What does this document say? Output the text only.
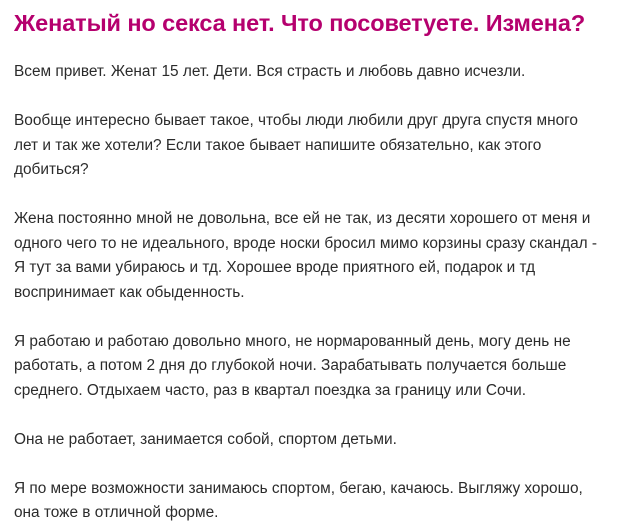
Женатый но секса нет. Что посоветуете. Измена?

Всем привет. Женат 15 лет. Дети. Вся страсть и любовь давно исчезли.

Вообще интересно бывает такое, чтобы люди любили друг друга спустя много
лет и так же хотели? Если такое бывает напишите обязательно, как этого
добиться?

Жена постоянно мной не довольна, все ей не так, из десяти хорошего от меня и
одного чего то не идеального, вроде носки бросил мимо корзины сразу скандал -
Я тут за вами убираюсь и тд. Хорошее вроде приятного ей, подарок и тд
воспринимает как обыденность.

Я работаю и работаю довольно много, не нормарованный день, могу день не
работать, а потом 2 дня до глубокой ночи. Зарабатывать получается больше
среднего. Отдыхаем часто, раз в квартал поездка за границу или Сочи.

Она не работает, занимается собой, спортом детьми.

Я по мере возможности занимаюсь спортом, бегаю, качаюсь. Выгляжу хорошо,
она тоже в отличной форме.
